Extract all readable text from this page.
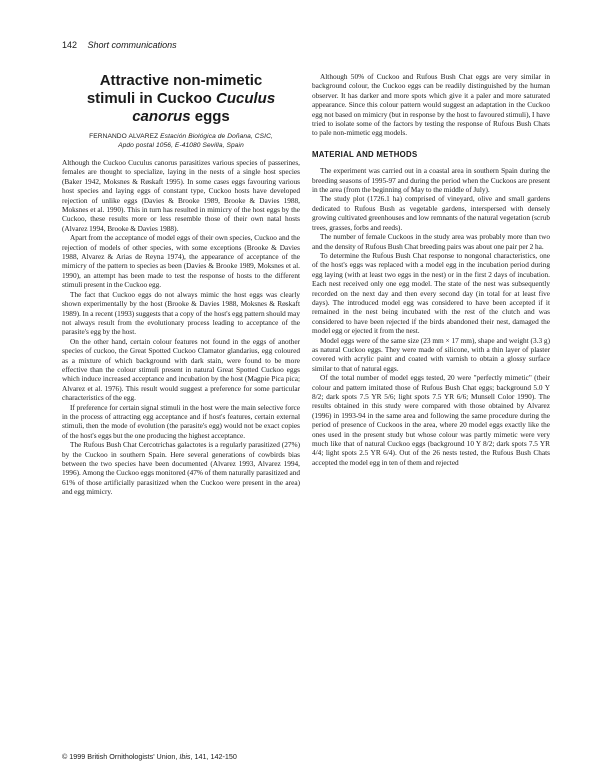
142 Short communications
Attractive non-mimetic
stimuli in Cuckoo Cuculus
canorus eggs
FERNANDO ALVAREZ Estación Biológica de Doñana, CSIC,
Apdo postal 1056, E-41080 Sevilla, Spain

Although the Cuckoo Cuculus canorus parasitizes various species of passerines, females are thought to specialize, laying in the nests of a single host species (Baker 1942, Moksnes & Røskaft 1995). In some cases eggs favouring various host species and laying eggs of constant type, Cuckoo hosts have developed rejection of unlike eggs (Davies & Brooke 1989, Brooke & Davies 1988, Moksnes et al. 1990). This in turn has resulted in mimicry of the host eggs by the Cuckoo, these results more or less resemble those of their own natal hosts (Alvarez 1994, Brooke & Davies 1988).

Apart from the acceptance of model eggs of their own species, Cuckoo and the rejection of models of other species, with some exceptions (Brooke & Davies 1988, Alvarez & Arias de Reyna 1974), the appearance of acceptance of the mimicry of the pattern to species as been (Davies & Brooke 1989, Moksnes et al. 1990), an attempt has been made to test the response of hosts to the different stimuli present in the Cuckoo egg.

The fact that Cuckoo eggs do not always mimic the host eggs was clearly shown experimentally by the host (Brooke & Davies 1988, Moksnes & Røskaft 1989). In a recent (1993) suggests that a copy of the host's egg pattern should may not always result from the evolutionary process leading to acceptance of the parasite's egg by the host.

On the other hand, certain colour features not found in the eggs of another species of cuckoo, the Great Spotted Cuckoo Clamator glandarius, egg coloured as a mixture of which background with dark stain, were found to be more effective than the colour stimuli present in natural Great Spotted Cuckoo eggs which induce increased acceptance and incubation by the host (Magpie Pica pica; Alvarez et al. 1976). This result would suggest a preference for some particular characteristics of the egg.

If preference for certain signal stimuli in the host were the main selective force in the process of attracting egg acceptance and if host's features, certain external stimuli, then the mode of evolution (the parasite's egg) would not be exact copies of the host's eggs but the one producing the highest acceptance.

The Rufous Bush Chat Cercotrichas galactotes is a regularly parasitized (27%) by the Cuckoo in southern Spain. Here several generations of cowbirds bias between the two species have been documented (Alvarez 1993, Alvarez 1994, 1996). Among the Cuckoo eggs monitored (47% of them naturally parasitized and 61% of those artificially parasitized when the Cuckoo were present in the area) and egg mimicry.

Although 50% of Cuckoo and Rufous Bush Chat eggs are very similar in background colour, the Cuckoo eggs can be readily distinguished by the human observer. It has darker and more spots which give it a paler and more saturated appearance. Since this colour pattern would suggest an adaptation in the Cuckoo egg not based on mimicry (but in response by the host to favoured stimuli), I have tried to isolate some of the factors by testing the response of Rufous Bush Chats to pale non-mimetic egg models.

MATERIAL AND METHODS

The experiment was carried out in a coastal area in southern Spain during the breeding seasons of 1995-97 and during the period when the Cuckoos are present in the area (from the beginning of May to the middle of July).

The study plot (1726.1 ha) comprised of vineyard, olive and small gardens dedicated to Rufous Bush as vegetable gardens, interspersed with densely growing cultivated greenhouses and low remnants of the natural vegetation (scrub trees, grasses, forbs and reeds).

The number of female Cuckoos in the study area was probably more than two and the density of Rufous Bush Chat breeding pairs was about one pair per 2 ha.

To determine the Rufous Bush Chat response to nongonal characteristics, one of the host's eggs was replaced with a model egg in the incubation period during egg laying (with at least two eggs in the nest) or in the first 2 days of incubation. Each nest received only one egg model. The state of the nest was subsequently recorded on the next day and then every second day (in total for at least five days). The introduced model egg was considered to have been accepted if it remained in the nest being incubated with the rest of the clutch and was considered to have been rejected if the birds abandoned their nest, damaged the model egg or ejected it from the nest.

Model eggs were of the same size (23 mm × 17 mm), shape and weight (3.3 g) as natural Cuckoo eggs. They were made of silicone, with a thin layer of plaster covered with acrylic paint and coated with varnish to obtain a glossy surface similar to that of natural eggs.

Of the total number of model eggs tested, 20 were "perfectly mimetic" (their colour and pattern imitated those of Rufous Bush Chat eggs; background 5.0 Y 8/2; dark spots 7.5 YR 5/6; light spots 7.5 YR 6/6; Munsell Color 1990). The results obtained in this study were compared with those obtained by Alvarez (1996) in 1993-94 in the same area and following the same procedure during the period of presence of Cuckoos in the area, where 20 model eggs exactly like the ones used in the present study but whose colour was partly mimetic were very much like that of natural Cuckoo eggs (background 10 Y 8/2; dark spots 7.5 YR 4/4; light spots 2.5 YR 6/4). Out of the 26 nests tested, the Rufous Bush Chats accepted the model egg in ten of them and rejected

© 1999 British Ornithologists' Union, Ibis, 141, 142-150
